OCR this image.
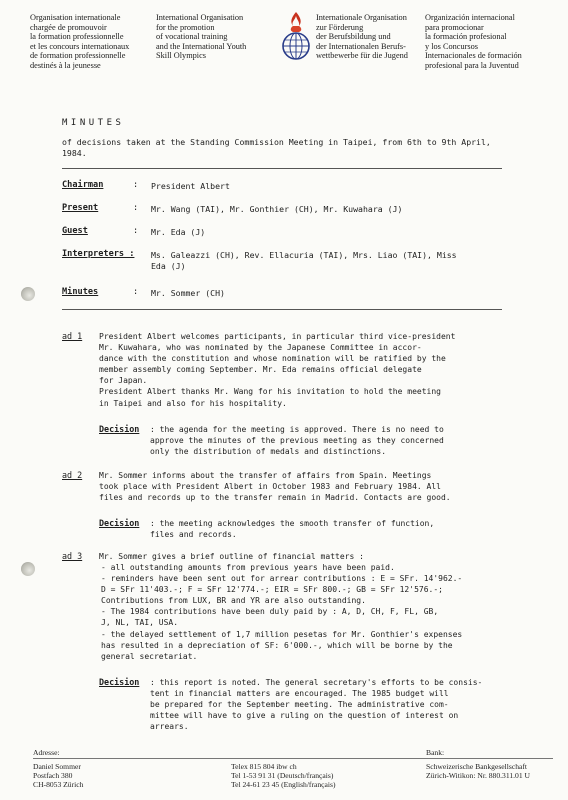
Organisation internationale
chargée de promouvoir
la formation professionnelle
et les concours internationaux
de formation professionnelle
destinés à la jeunesse
International Organisation
for the promotion
of vocational training
and the International Youth
Skill Olympics
Internationale Organisation
zur Förderung
der Berufsbildung und
der Internationalen Berufs-
wettbewerbe für die Jugend
Organización internacional
para promocionar
la formación profesional
y los Concursos
Internacionales de formación
profesional para la Juventud
MINUTES
of decisions taken at the Standing Commission Meeting in Taipei, from 6th to 9th April, 1984.
Chairman	: President Albert
Present	: Mr. Wang (TAI), Mr. Gonthier (CH), Mr. Kuwahara (J)
Guest	: Mr. Eda (J)
Interpreters : Ms. Galeazzi (CH), Rev. Ellacuria (TAI), Mrs. Liao (TAI), Miss Eda (J)
Minutes	: Mr. Sommer (CH)
ad 1 President Albert welcomes participants, in particular third vice-president
Mr. Kuwahara, who was nominated by the Japanese Committee in accor-
dance with the constitution and whose nomination will be ratified by the
member assembly coming September. Mr. Eda remains official delegate
for Japan.
President Albert thanks Mr. Wang for his invitation to hold the meeting
in Taipei and also for his hospitality.
Decision : the agenda for the meeting is approved. There is no need to
approve the minutes of the previous meeting as they concerned
only the distribution of medals and distinctions.
ad 2 Mr. Sommer informs about the transfer of affairs from Spain. Meetings
took place with President Albert in October 1983 and February 1984. All
files and records up to the transfer remain in Madrid. Contacts are good.
Decision : the meeting acknowledges the smooth transfer of function,
files and records.
ad 3 Mr. Sommer gives a brief outline of financial matters :
- all outstanding amounts from previous years have been paid.
- reminders have been sent out for arrear contributions : E = SFr. 14'962.-
D = SFr 11'403.-; F = SFr 12'774.-; EIR = SFr 800.-; GB = SFr 12'576.-;
Contributions from LUX, BR and YR are also outstanding.
- The 1984 contributions have been duly paid by : A, D, CH, F, FL, GB,
J, NL, TAI, USA.
- the delayed settlement of 1,7 million pesetas for Mr. Gonthier's expenses
has resulted in a depreciation of SF: 6'000.-, which will be borne by the
general secretariat.
Decision : this report is noted. The general secretary's efforts to be consis-
tent in financial matters are encouraged. The 1985 budget will
be prepared for the September meeting. The administrative com-
mittee will have to give a ruling on the question of interest on
arrears.
Adresse:	Bank:
Daniel Sommer
Postfach 380
CH-8053 Zürich
Telex 815 804 ibw ch
Tel 1-53 91 31 (Deutsch/français)
Tel 24-61 23 45 (English/français)
Schweizerische Bankgesellschaft
Zürich-Witikon: Nr. 880.311.01 U
